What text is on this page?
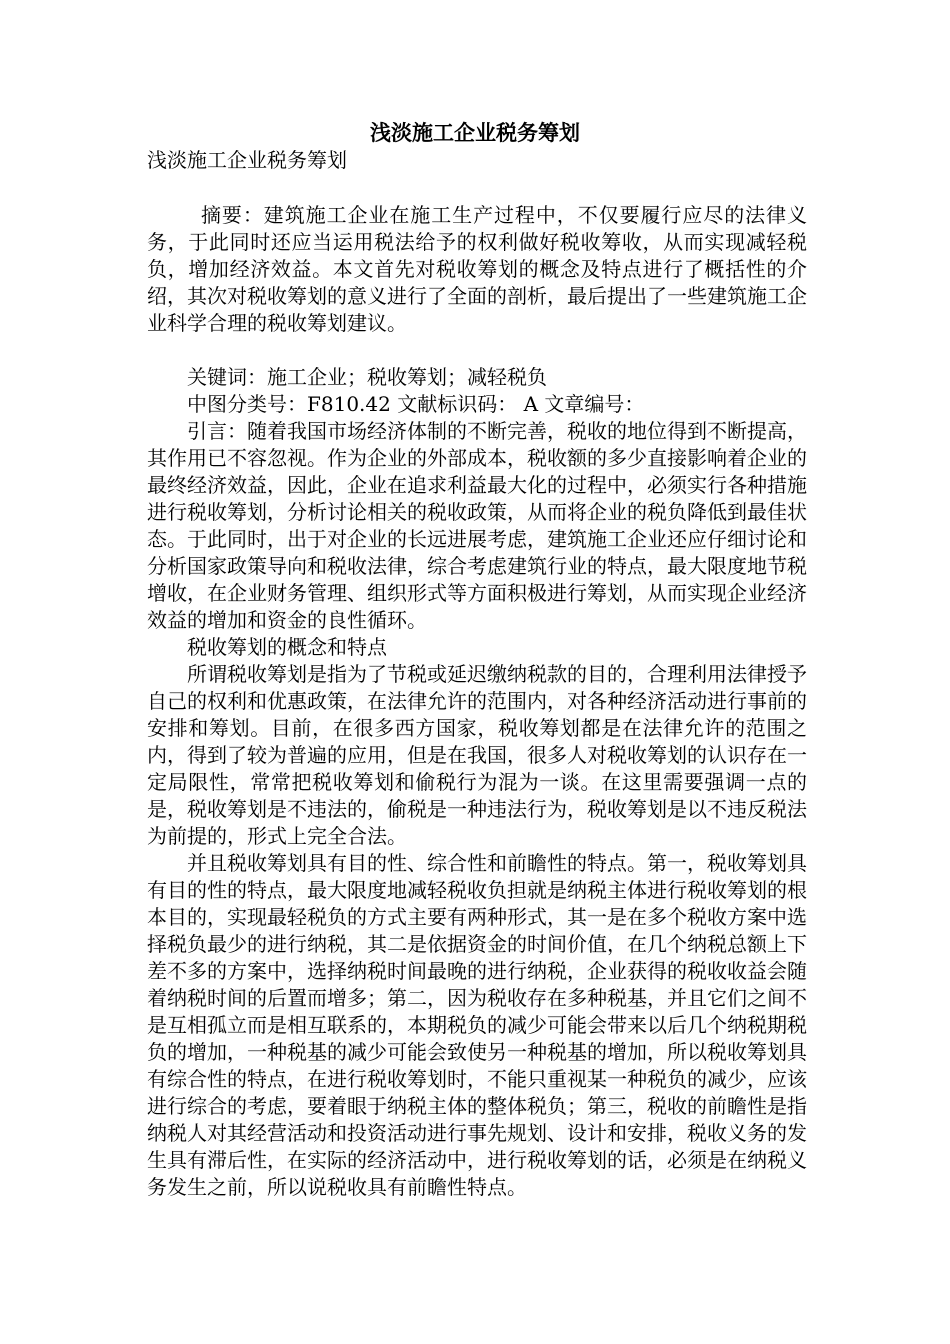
浅淡施工企业税务筹划
浅淡施工企业税务筹划

摘要：建筑施工企业在施工生产过程中，不仅要履行应尽的法律义务，于此同时还应当运用税法给予的权利做好税收筹收，从而实现减轻税负，增加经济效益。本文首先对税收筹划的概念及特点进行了概括性的介绍，其次对税收筹划的意义进行了全面的剖析，最后提出了一些建筑施工企业科学合理的税收筹划建议。

关键词：施工企业；税收筹划；减轻税负

中图分类号：F810.42 文献标识码： A 文章编号：

引言：随着我国市场经济体制的不断完善，税收的地位得到不断提高，其作用已不容忽视。作为企业的外部成本，税收额的多少直接影响着企业的最终经济效益，因此，企业在追求利益最大化的过程中，必须实行各种措施进行税收筹划，分析讨论相关的税收政策，从而将企业的税负降低到最佳状态。于此同时，出于对企业的长远进展考虑，建筑施工企业还应仔细讨论和分析国家政策导向和税收法律，综合考虑建筑行业的特点，最大限度地节税增收，在企业财务管理、组织形式等方面积极进行筹划，从而实现企业经济效益的增加和资金的良性循环。

税收筹划的概念和特点

所谓税收筹划是指为了节税或延迟缴纳税款的目的，合理利用法律授予自己的权利和优惠政策，在法律允许的范围内，对各种经济活动进行事前的安排和筹划。目前，在很多西方国家，税收筹划都是在法律允许的范围之内，得到了较为普遍的应用，但是在我国，很多人对税收筹划的认识存在一定局限性，常常把税收筹划和偷税行为混为一谈。在这里需要强调一点的是，税收筹划是不违法的，偷税是一种违法行为，税收筹划是以不违反税法为前提的，形式上完全合法。

并且税收筹划具有目的性、综合性和前瞻性的特点。第一，税收筹划具有目的性的特点，最大限度地减轻税收负担就是纳税主体进行税收筹划的根本目的，实现最轻税负的方式主要有两种形式，其一是在多个税收方案中选择税负最少的进行纳税，其二是依据资金的时间价值，在几个纳税总额上下差不多的方案中，选择纳税时间最晚的进行纳税，企业获得的税收收益会随着纳税时间的后置而增多；第二，因为税收存在多种税基，并且它们之间不是互相孤立而是相互联系的，本期税负的减少可能会带来以后几个纳税期税负的增加，一种税基的减少可能会致使另一种税基的增加，所以税收筹划具有综合性的特点，在进行税收筹划时，不能只重视某一种税负的减少，应该进行综合的考虑，要着眼于纳税主体的整体税负；第三，税收的前瞻性是指纳税人对其经营活动和投资活动进行事先规划、设计和安排，税收义务的发生具有滞后性，在实际的经济活动中，进行税收筹划的话，必须是在纳税义务发生之前，所以说税收具有前瞻性特点。
